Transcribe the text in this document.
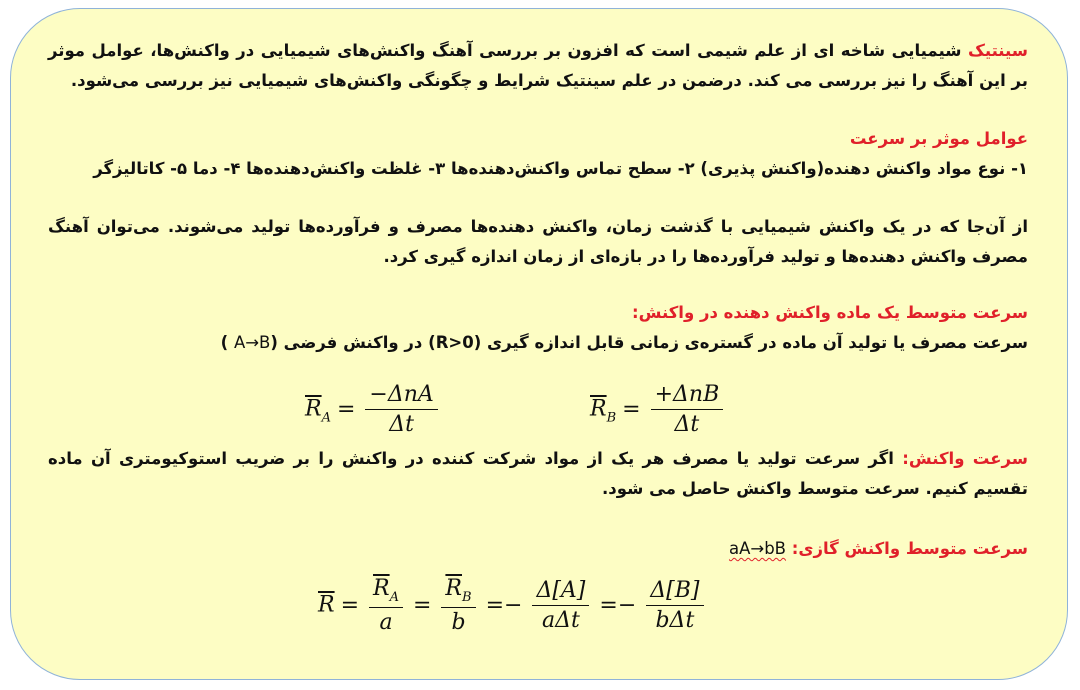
سینتیک شیمیایی شاخه ای از علم شیمی است که افزون بر بررسی آهنگ واکنش‌های شیمیایی در واکنش‌ها، عوامل موثر بر این آهنگ را نیز بررسی می کند. درضمن در علم سینتیک شرایط و چگونگی واکنش‌های شیمیایی نیز بررسی می‌شود.
عوامل موثر بر سرعت
۱- نوع مواد واکنش دهنده(واکنش پذیری) ۲- سطح تماس واکنش‌دهنده‌ها ۳- غلظت واکنش‌دهنده‌ها ۴- دما ۵- کاتالیزگر
از آن‌جا که در یک واکنش شیمیایی با گذشت زمان، واکنش دهنده‌ها مصرف و فرآورده‌ها تولید می‌شوند. می‌توان آهنگ مصرف واکنش دهنده‌ها و تولید فرآورده‌ها را در بازه‌ای از زمان اندازه گیری کرد.
سرعت متوسط یک ماده واکنش دهنده در واکنش:
سرعت مصرف یا تولید آن ماده در گستره‌ی زمانی قابل اندازه گیری (R>0) در واکنش فرضی (A→B )
$\overline{R}_A = \frac{\text{−ΔnA}}{\Delta t}$	$\overline{R}_B = \frac{\text{+ΔnB}}{\Delta t}$
سرعت واکنش: اگر سرعت تولید یا مصرف هر یک از مواد شرکت کننده در واکنش را بر ضریب استوکیومتری آن ماده تقسیم کنیم. سرعت متوسط واکنش حاصل می شود.
سرعت متوسط واکنش گازی: aA→bB
$\overline{R} = \frac{\overline{R}_A}{a} = \frac{\overline{R}_B}{b} =- \frac{\Delta[A]}{\text{aΔt}} =- \frac{\Delta[B]}{\text{bΔt}}$
